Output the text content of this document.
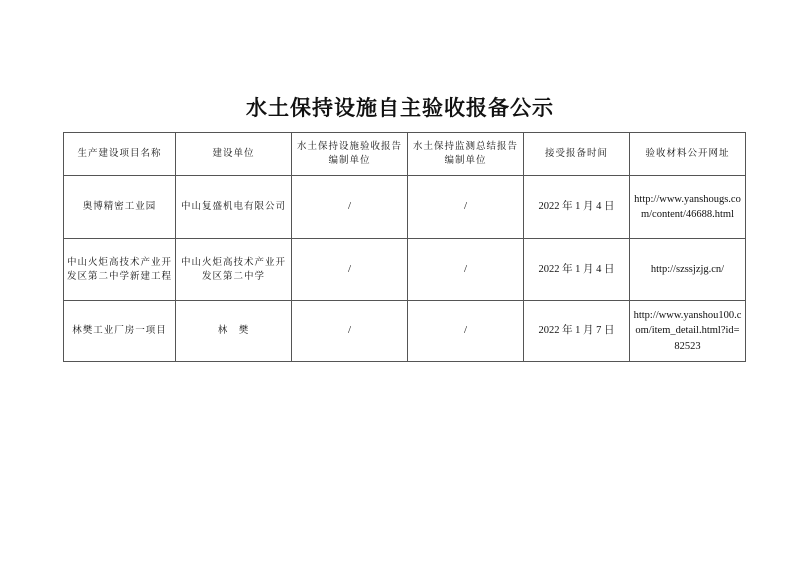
水土保持设施自主验收报备公示
生产建设项目名称	建设单位	水土保持设施验收报告编制单位	水土保持监测总结报告编制单位	接受报备时间	验收材料公开网址
奥博精密工业园	中山复盛机电有限公司	/	/	2022 年 1 月 4 日	http://www.yanshougs.com/content/46688.html
中山火炬高技术产业开发区第二中学新建工程	中山火炬高技术产业开发区第二中学	/	/	2022 年 1 月 4 日	http://szssjzjg.cn/
林樊工业厂房一项目	林　樊	/	/	2022 年 1 月 7 日	http://www.yanshou100.com/item_detail.html?id=82523
